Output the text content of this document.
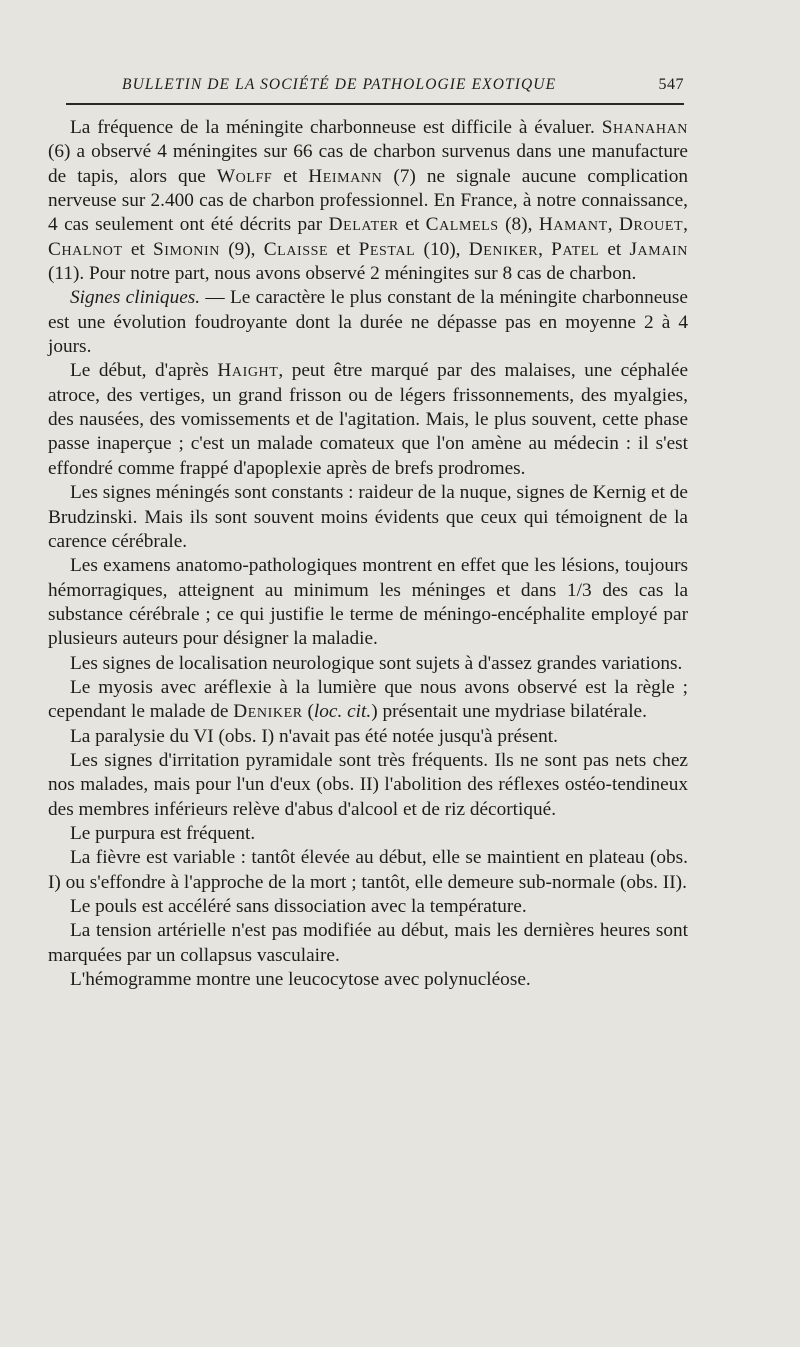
BULLETIN DE LA SOCIÉTÉ DE PATHOLOGIE EXOTIQUE	547

La fréquence de la méningite charbonneuse est difficile à évaluer. Shanahan (6) a observé 4 méningites sur 66 cas de charbon survenus dans une manufacture de tapis, alors que Wolff et Heimann (7) ne signale aucune complication nerveuse sur 2.400 cas de charbon professionnel. En France, à notre connaissance, 4 cas seulement ont été décrits par Delater et Calmels (8), Hamant, Drouet, Chalnot et Simonin (9), Claisse et Pestal (10), Deniker, Patel et Jamain (11). Pour notre part, nous avons observé 2 méningites sur 8 cas de charbon.

Signes cliniques. — Le caractère le plus constant de la méningite charbonneuse est une évolution foudroyante dont la durée ne dépasse pas en moyenne 2 à 4 jours.

Le début, d'après Haight, peut être marqué par des malaises, une céphalée atroce, des vertiges, un grand frisson ou de légers frissonnements, des myalgies, des nausées, des vomissements et de l'agitation. Mais, le plus souvent, cette phase passe inaperçue ; c'est un malade comateux que l'on amène au médecin : il s'est effondré comme frappé d'apoplexie après de brefs prodromes.

Les signes méningés sont constants : raideur de la nuque, signes de Kernig et de Brudzinski. Mais ils sont souvent moins évidents que ceux qui témoignent de la carence cérébrale.

Les examens anatomo-pathologiques montrent en effet que les lésions, toujours hémorragiques, atteignent au minimum les méninges et dans 1/3 des cas la substance cérébrale ; ce qui justifie le terme de méningo-encéphalite employé par plusieurs auteurs pour désigner la maladie.

Les signes de localisation neurologique sont sujets à d'assez grandes variations.

Le myosis avec aréflexie à la lumière que nous avons observé est la règle ; cependant le malade de Deniker (loc. cit.) présentait une mydriase bilatérale.

La paralysie du VI (obs. I) n'avait pas été notée jusqu'à présent.

Les signes d'irritation pyramidale sont très fréquents. Ils ne sont pas nets chez nos malades, mais pour l'un d'eux (obs. II) l'abolition des réflexes ostéo-tendineux des membres inférieurs relève d'abus d'alcool et de riz décortiqué.

Le purpura est fréquent.

La fièvre est variable : tantôt élevée au début, elle se maintient en plateau (obs. I) ou s'effondre à l'approche de la mort ; tantôt, elle demeure sub-normale (obs. II).

Le pouls est accéléré sans dissociation avec la température.

La tension artérielle n'est pas modifiée au début, mais les dernières heures sont marquées par un collapsus vasculaire.

L'hémogramme montre une leucocytose avec polynucléose.
